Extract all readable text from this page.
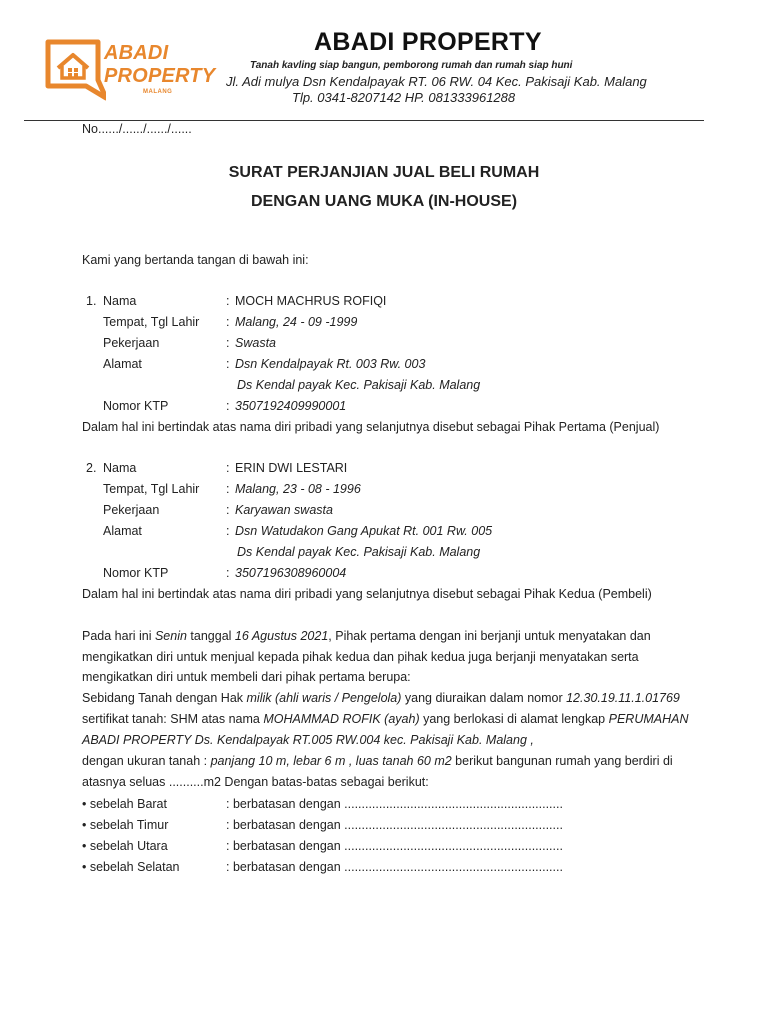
ABADI
PROPERTY
MALANG
ABADI PROPERTY
Tanah kavling siap bangun, pemborong rumah dan rumah siap huni
Jl. Adi mulya Dsn Kendalpayak RT. 06 RW. 04 Kec. Pakisaji Kab. Malang
Tlp. 0341-8207142 HP. 081333961288
No....../....../....../......
SURAT PERJANJIAN JUAL BELI RUMAH
DENGAN UANG MUKA (IN-HOUSE)
Kami yang bertanda tangan di bawah ini:
1. Nama	: MOCH MACHRUS ROFIQI
Tempat, Tgl Lahir : Malang, 24 - 09 -1999
Pekerjaan	: Swasta
Alamat	: Dsn Kendalpayak Rt. 003 Rw. 003
Ds Kendal payak Kec. Pakisaji Kab. Malang
Nomor KTP	: 3507192409990001
Dalam hal ini bertindak atas nama diri pribadi yang selanjutnya disebut sebagai Pihak Pertama (Penjual)
2. Nama	: ERIN DWI LESTARI
Tempat, Tgl Lahir : Malang, 23 - 08 - 1996
Pekerjaan	: Karyawan swasta
Alamat	: Dsn Watudakon Gang Apukat Rt. 001 Rw. 005
Ds Kendal payak Kec. Pakisaji Kab. Malang
Nomor KTP	: 3507196308960004
Dalam hal ini bertindak atas nama diri pribadi yang selanjutnya disebut sebagai Pihak Kedua (Pembeli)
Pada hari ini Senin tanggal 16 Agustus 2021, Pihak pertama dengan ini berjanji untuk menyatakan dan
mengikatkan diri untuk menjual kepada pihak kedua dan pihak kedua juga berjanji menyatakan serta
mengikatkan diri untuk membeli dari pihak pertama berupa:
Sebidang Tanah dengan Hak milik (ahli waris / Pengelola) yang diuraikan dalam nomor 12.30.19.11.1.01769
sertifikat tanah: SHM atas nama MOHAMMAD ROFIK (ayah) yang berlokasi di alamat lengkap PERUMAHAN
ABADI PROPERTY Ds. Kendalpayak RT.005 RW.004 kec. Pakisaji Kab. Malang ,
dengan ukuran tanah : panjang 10 m, lebar 6 m , luas tanah 60 m2 berikut bangunan rumah yang berdiri di
atasnya seluas ..........m2 Dengan batas-batas sebagai berikut:
• sebelah Barat	: berbatasan dengan ...............................................................
• sebelah Timur	: berbatasan dengan ...............................................................
• sebelah Utara	: berbatasan dengan ...............................................................
• sebelah Selatan	: berbatasan dengan ...............................................................
